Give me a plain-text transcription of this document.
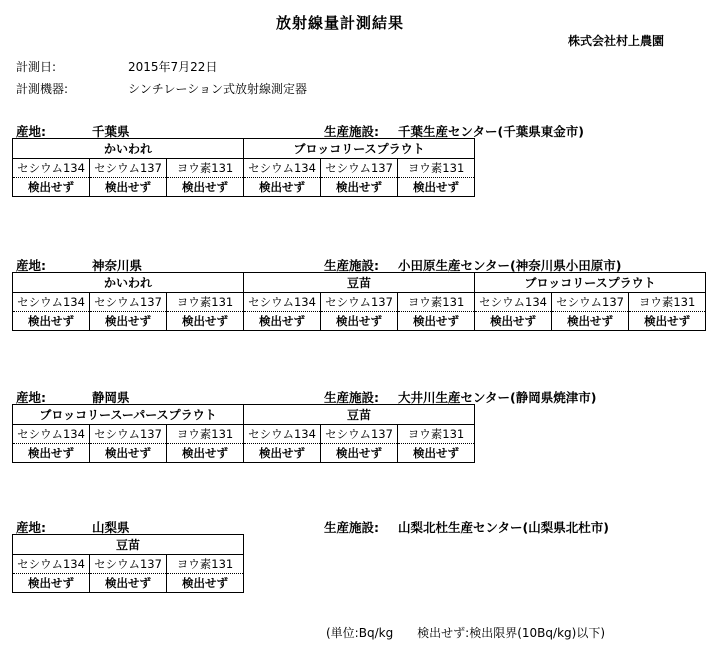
放射線量計測結果
株式会社村上農園
計測日:	2015年7月22日
計測機器:	シンチレーション式放射線測定器
産地:	千葉県	生産施設: 千葉生産センター(千葉県東金市)
かいわれ			ブロッコリースプラウト		
セシウム134	セシウム137	ヨウ素131	セシウム134	セシウム137	ヨウ素131
検出せず	検出せず	検出せず	検出せず	検出せず	検出せず
産地:	神奈川県	生産施設: 小田原生産センター(神奈川県小田原市)
かいわれ			豆苗			ブロッコリースプラウト		
セシウム134	セシウム137	ヨウ素131	セシウム134	セシウム137	ヨウ素131	セシウム134	セシウム137	ヨウ素131
検出せず	検出せず	検出せず	検出せず	検出せず	検出せず	検出せず	検出せず	検出せず
産地:	静岡県	生産施設: 大井川生産センター(静岡県焼津市)
ブロッコリースーパースプラウト			豆苗		
セシウム134	セシウム137	ヨウ素131	セシウム134	セシウム137	ヨウ素131
検出せず	検出せず	検出せず	検出せず	検出せず	検出せず
産地:	山梨県	生産施設: 山梨北杜生産センター(山梨県北杜市)
豆苗		
セシウム134	セシウム137	ヨウ素131
検出せず	検出せず	検出せず
(単位:Bq/kg　　検出せず:検出限界(10Bq/kg)以下)
